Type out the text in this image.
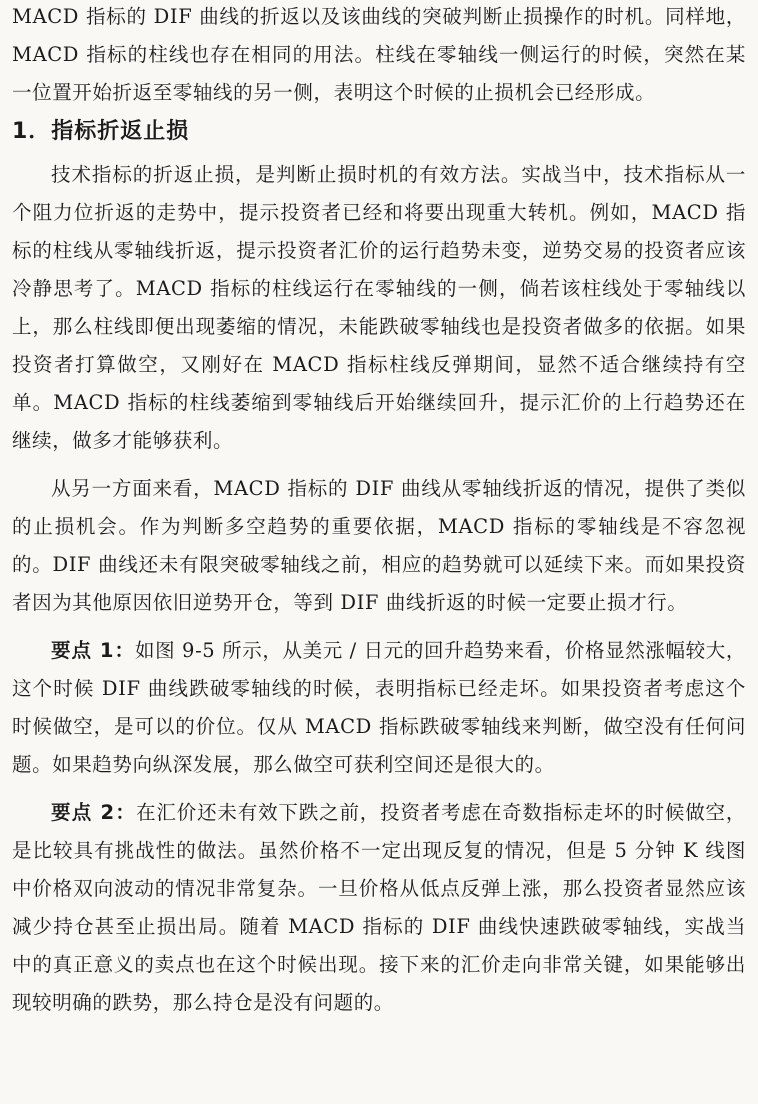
MACD 指标的 DIF 曲线的折返以及该曲线的突破判断止损操作的时机。同样地，MACD 指标的柱线也存在相同的用法。柱线在零轴线一侧运行的时候，突然在某一位置开始折返至零轴线的另一侧，表明这个时候的止损机会已经形成。

1．指标折返止损

技术指标的折返止损，是判断止损时机的有效方法。实战当中，技术指标从一个阻力位折返的走势中，提示投资者已经和将要出现重大转机。例如，MACD 指标的柱线从零轴线折返，提示投资者汇价的运行趋势未变，逆势交易的投资者应该冷静思考了。MACD 指标的柱线运行在零轴线的一侧，倘若该柱线处于零轴线以上，那么柱线即便出现萎缩的情况，未能跌破零轴线也是投资者做多的依据。如果投资者打算做空，又刚好在 MACD 指标柱线反弹期间，显然不适合继续持有空单。MACD 指标的柱线萎缩到零轴线后开始继续回升，提示汇价的上行趋势还在继续，做多才能够获利。

从另一方面来看，MACD 指标的 DIF 曲线从零轴线折返的情况，提供了类似的止损机会。作为判断多空趋势的重要依据，MACD 指标的零轴线是不容忽视的。DIF 曲线还未有限突破零轴线之前，相应的趋势就可以延续下来。而如果投资者因为其他原因依旧逆势开仓，等到 DIF 曲线折返的时候一定要止损才行。

要点 1：如图 9-5 所示，从美元 / 日元的回升趋势来看，价格显然涨幅较大，这个时候 DIF 曲线跌破零轴线的时候，表明指标已经走坏。如果投资者考虑这个时候做空，是可以的价位。仅从 MACD 指标跌破零轴线来判断，做空没有任何问题。如果趋势向纵深发展，那么做空可获利空间还是很大的。

要点 2：在汇价还未有效下跌之前，投资者考虑在奇数指标走坏的时候做空，是比较具有挑战性的做法。虽然价格不一定出现反复的情况，但是 5 分钟 K 线图中价格双向波动的情况非常复杂。一旦价格从低点反弹上涨，那么投资者显然应该减少持仓甚至止损出局。随着 MACD 指标的 DIF 曲线快速跌破零轴线，实战当中的真正意义的卖点也在这个时候出现。接下来的汇价走向非常关键，如果能够出现较明确的跌势，那么持仓是没有问题的。
